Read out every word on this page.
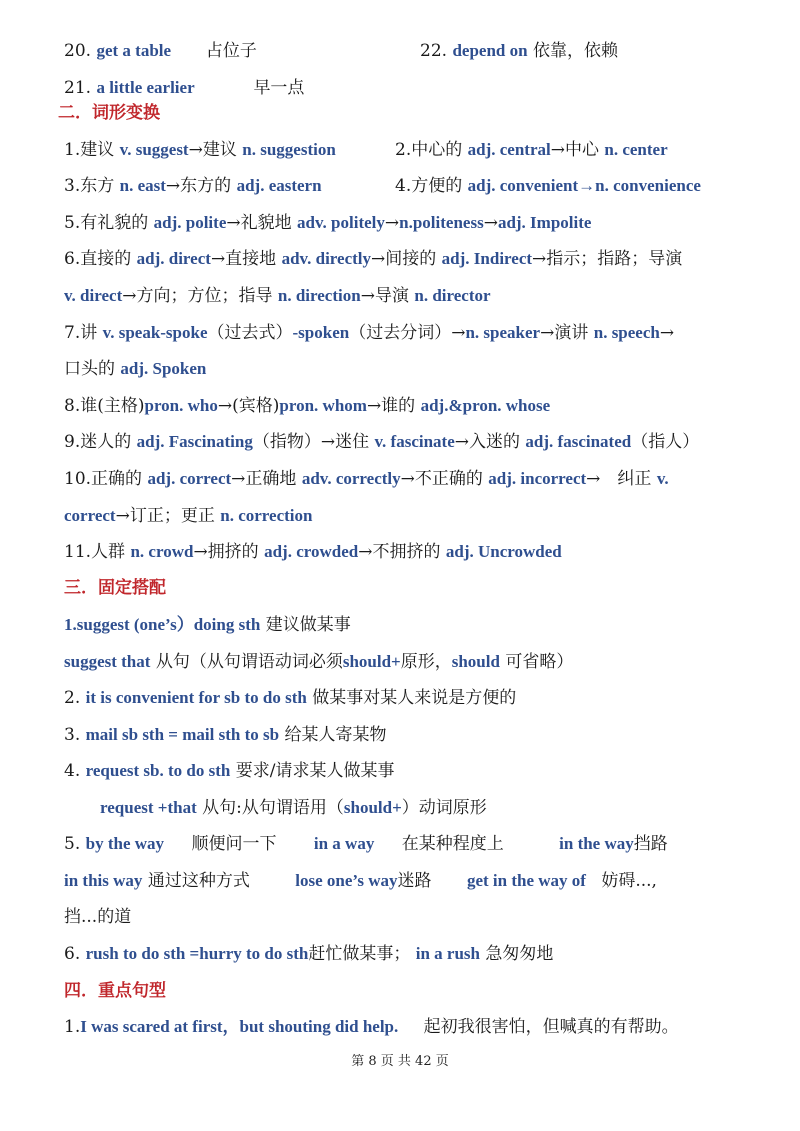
20. get a table 占位子	22. depend on 依靠，依赖
21. a little earlier	早一点
二．词形变换
1.建议 v. suggest→建议 n. suggestion	2.中心的 adj. central→中心 n. center
3.东方 n. east→东方的 adj. eastern	4.方便的 adj. convenient→n. convenience
5.有礼貌的 adj. polite→礼貌地 adv. politely→n.politeness→adj. Impolite
6.直接的 adj. direct→直接地 adv. directly→间接的 adj. Indirect→指示；指路；导演
v. direct→方向；方位；指导 n. direction→导演 n. director
7.讲 v. speak-spoke（过去式）-spoken（过去分词）→n. speaker→演讲 n. speech→
口头的 adj. Spoken
8.谁(主格)pron. who→(宾格)pron. whom→谁的 adj.&pron. whose
9.迷人的 adj. Fascinating（指物）→迷住 v. fascinate→入迷的 adj. fascinated（指人）
10.正确的 adj. correct→正确地 adv. correctly→不正确的 adj. incorrect→　纠正 v.
correct→订正；更正 n. correction
11.人群 n. crowd→拥挤的 adj. crowded→不拥挤的 adj. Uncrowded
三．固定搭配
1.suggest (one’s）doing sth 建议做某事
suggest that 从句（从句谓语动词必须should+原形，should 可省略）
2. it is convenient for sb to do sth 做某事对某人来说是方便的
3. mail sb sth = mail sth to sb 给某人寄某物
4. request sb. to do sth 要求/请求某人做某事
request +that 从句:从句谓语用（should+）动词原形
5. by the way 顺便问一下 in a way 在某种程度上	in the way挡路
in this way 通过这种方式	lose one’s way迷路 get in the way of 妨碍...,
挡...的道
6. rush to do sth =hurry to do sth赶忙做某事； in a rush 急匆匆地
四．重点句型
1.I was scared at first，but shouting did help. 起初我很害怕，但喊真的有帮助。
第 8 页 共 42 页
